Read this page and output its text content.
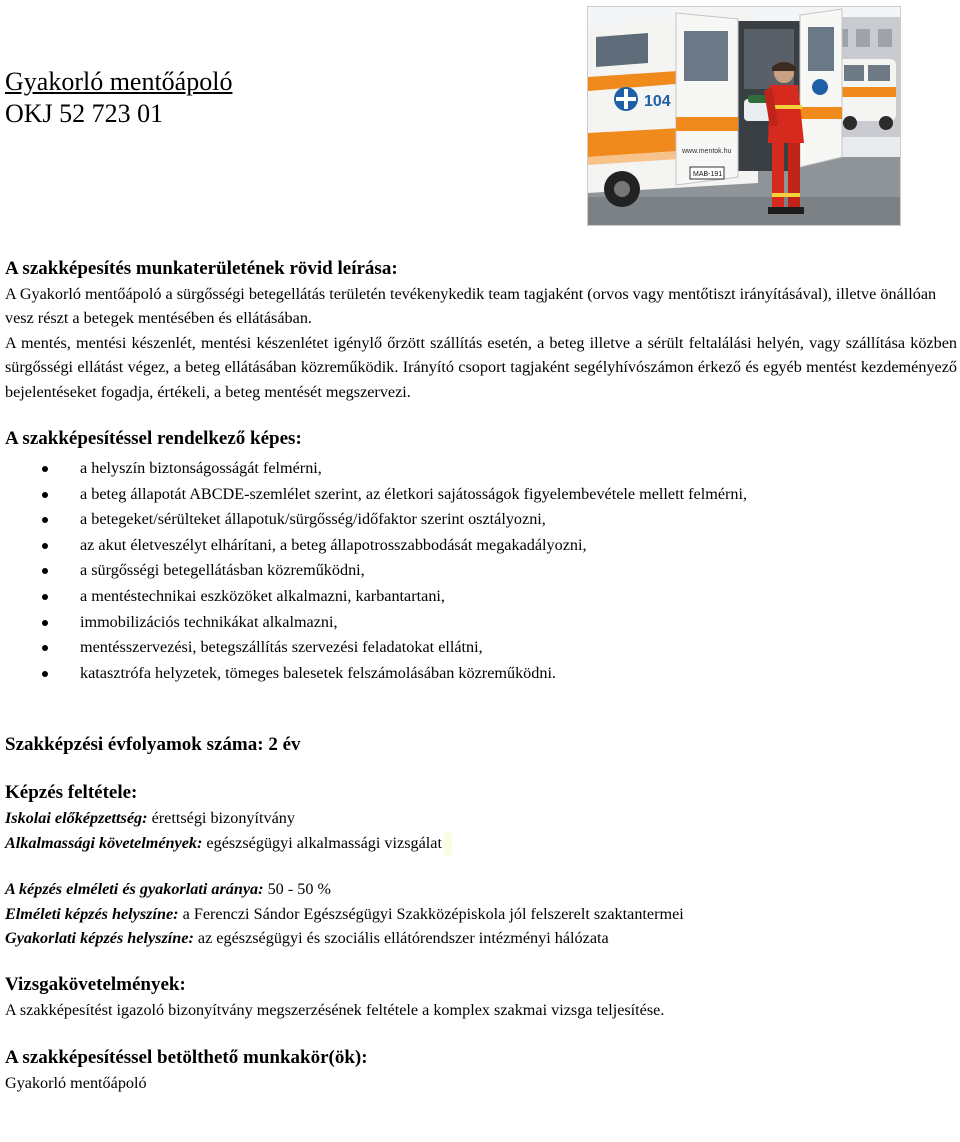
Gyakorló mentőápoló

OKJ 52 723 01	104
www.mentok.hu
MAB-191

A szakképesítés munkaterületének rövid leírása:

A Gyakorló mentőápoló a sürgősségi betegellátás területén tevékenykedik team tagjaként (orvos vagy mentőtiszt irányításával), illetve önállóan vesz részt a betegek mentésében és ellátásában.

A mentés, mentési készenlét, mentési készenlétet igénylő őrzött szállítás esetén, a beteg illetve a sérült feltalálási helyén, vagy szállítása közben sürgősségi ellátást végez, a beteg ellátásában közreműködik. Irányító csoport tagjaként segélyhívószámon érkező és egyéb mentést kezdeményező bejelentéseket fogadja, értékeli, a beteg mentését megszervezi.

A szakképesítéssel rendelkező képes:

a helyszín biztonságosságát felmérni,
a beteg állapotát ABCDE-szemlélet szerint, az életkori sajátosságok figyelembevétele mellett felmérni,
a betegeket/sérülteket állapotuk/sürgősség/időfaktor szerint osztályozni,
az akut életveszélyt elhárítani, a beteg állapotrosszabbodását megakadályozni,
a sürgősségi betegellátásban közreműködni,
a mentéstechnikai eszközöket alkalmazni, karbantartani,
immobilizációs technikákat alkalmazni,
mentésszervezési, betegszállítás szervezési feladatokat ellátni,
katasztrófa helyzetek, tömeges balesetek felszámolásában közreműködni.

Szakképzési évfolyamok száma: 2 év

Képzés feltétele:

Iskolai előképzettség: érettségi bizonyítvány

Alkalmassági követelmények: egészségügyi alkalmassági vizsgálat

A képzés elméleti és gyakorlati aránya: 50 - 50 %

Elméleti képzés helyszíne: a Ferenczi Sándor Egészségügyi Szakközépiskola jól felszerelt szaktantermei

Gyakorlati képzés helyszíne: az egészségügyi és szociális ellátórendszer intézményi hálózata

Vizsgakövetelmények:

A szakképesítést igazoló bizonyítvány megszerzésének feltétele a komplex szakmai vizsga teljesítése.

A szakképesítéssel betölthető munkakör(ök):

Gyakorló mentőápoló
